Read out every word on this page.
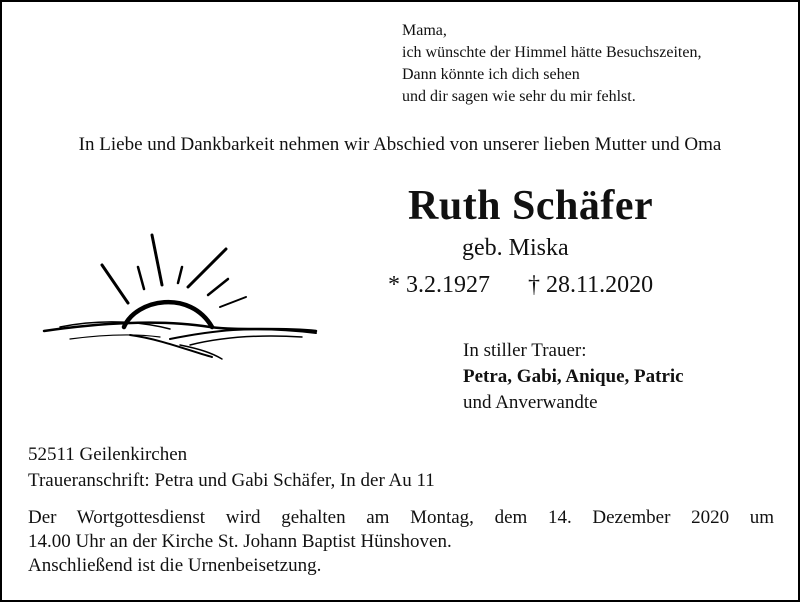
Mama,
ich wünschte der Himmel hätte Besuchszeiten,
Dann könnte ich dich sehen
und dir sagen wie sehr du mir fehlst.
In Liebe und Dankbarkeit nehmen wir Abschied von unserer lieben Mutter und Oma
Ruth Schäfer
geb. Miska
* 3.2.1927 † 28.11.2020
In stiller Trauer:
Petra, Gabi, Anique, Patric
und Anverwandte
52511 Geilenkirchen
Traueranschrift: Petra und Gabi Schäfer, In der Au 11
Der Wortgottesdienst wird gehalten am Montag, dem 14. Dezember 2020 um
14.00 Uhr an der Kirche St. Johann Baptist Hünshoven.
Anschließend ist die Urnenbeisetzung.
